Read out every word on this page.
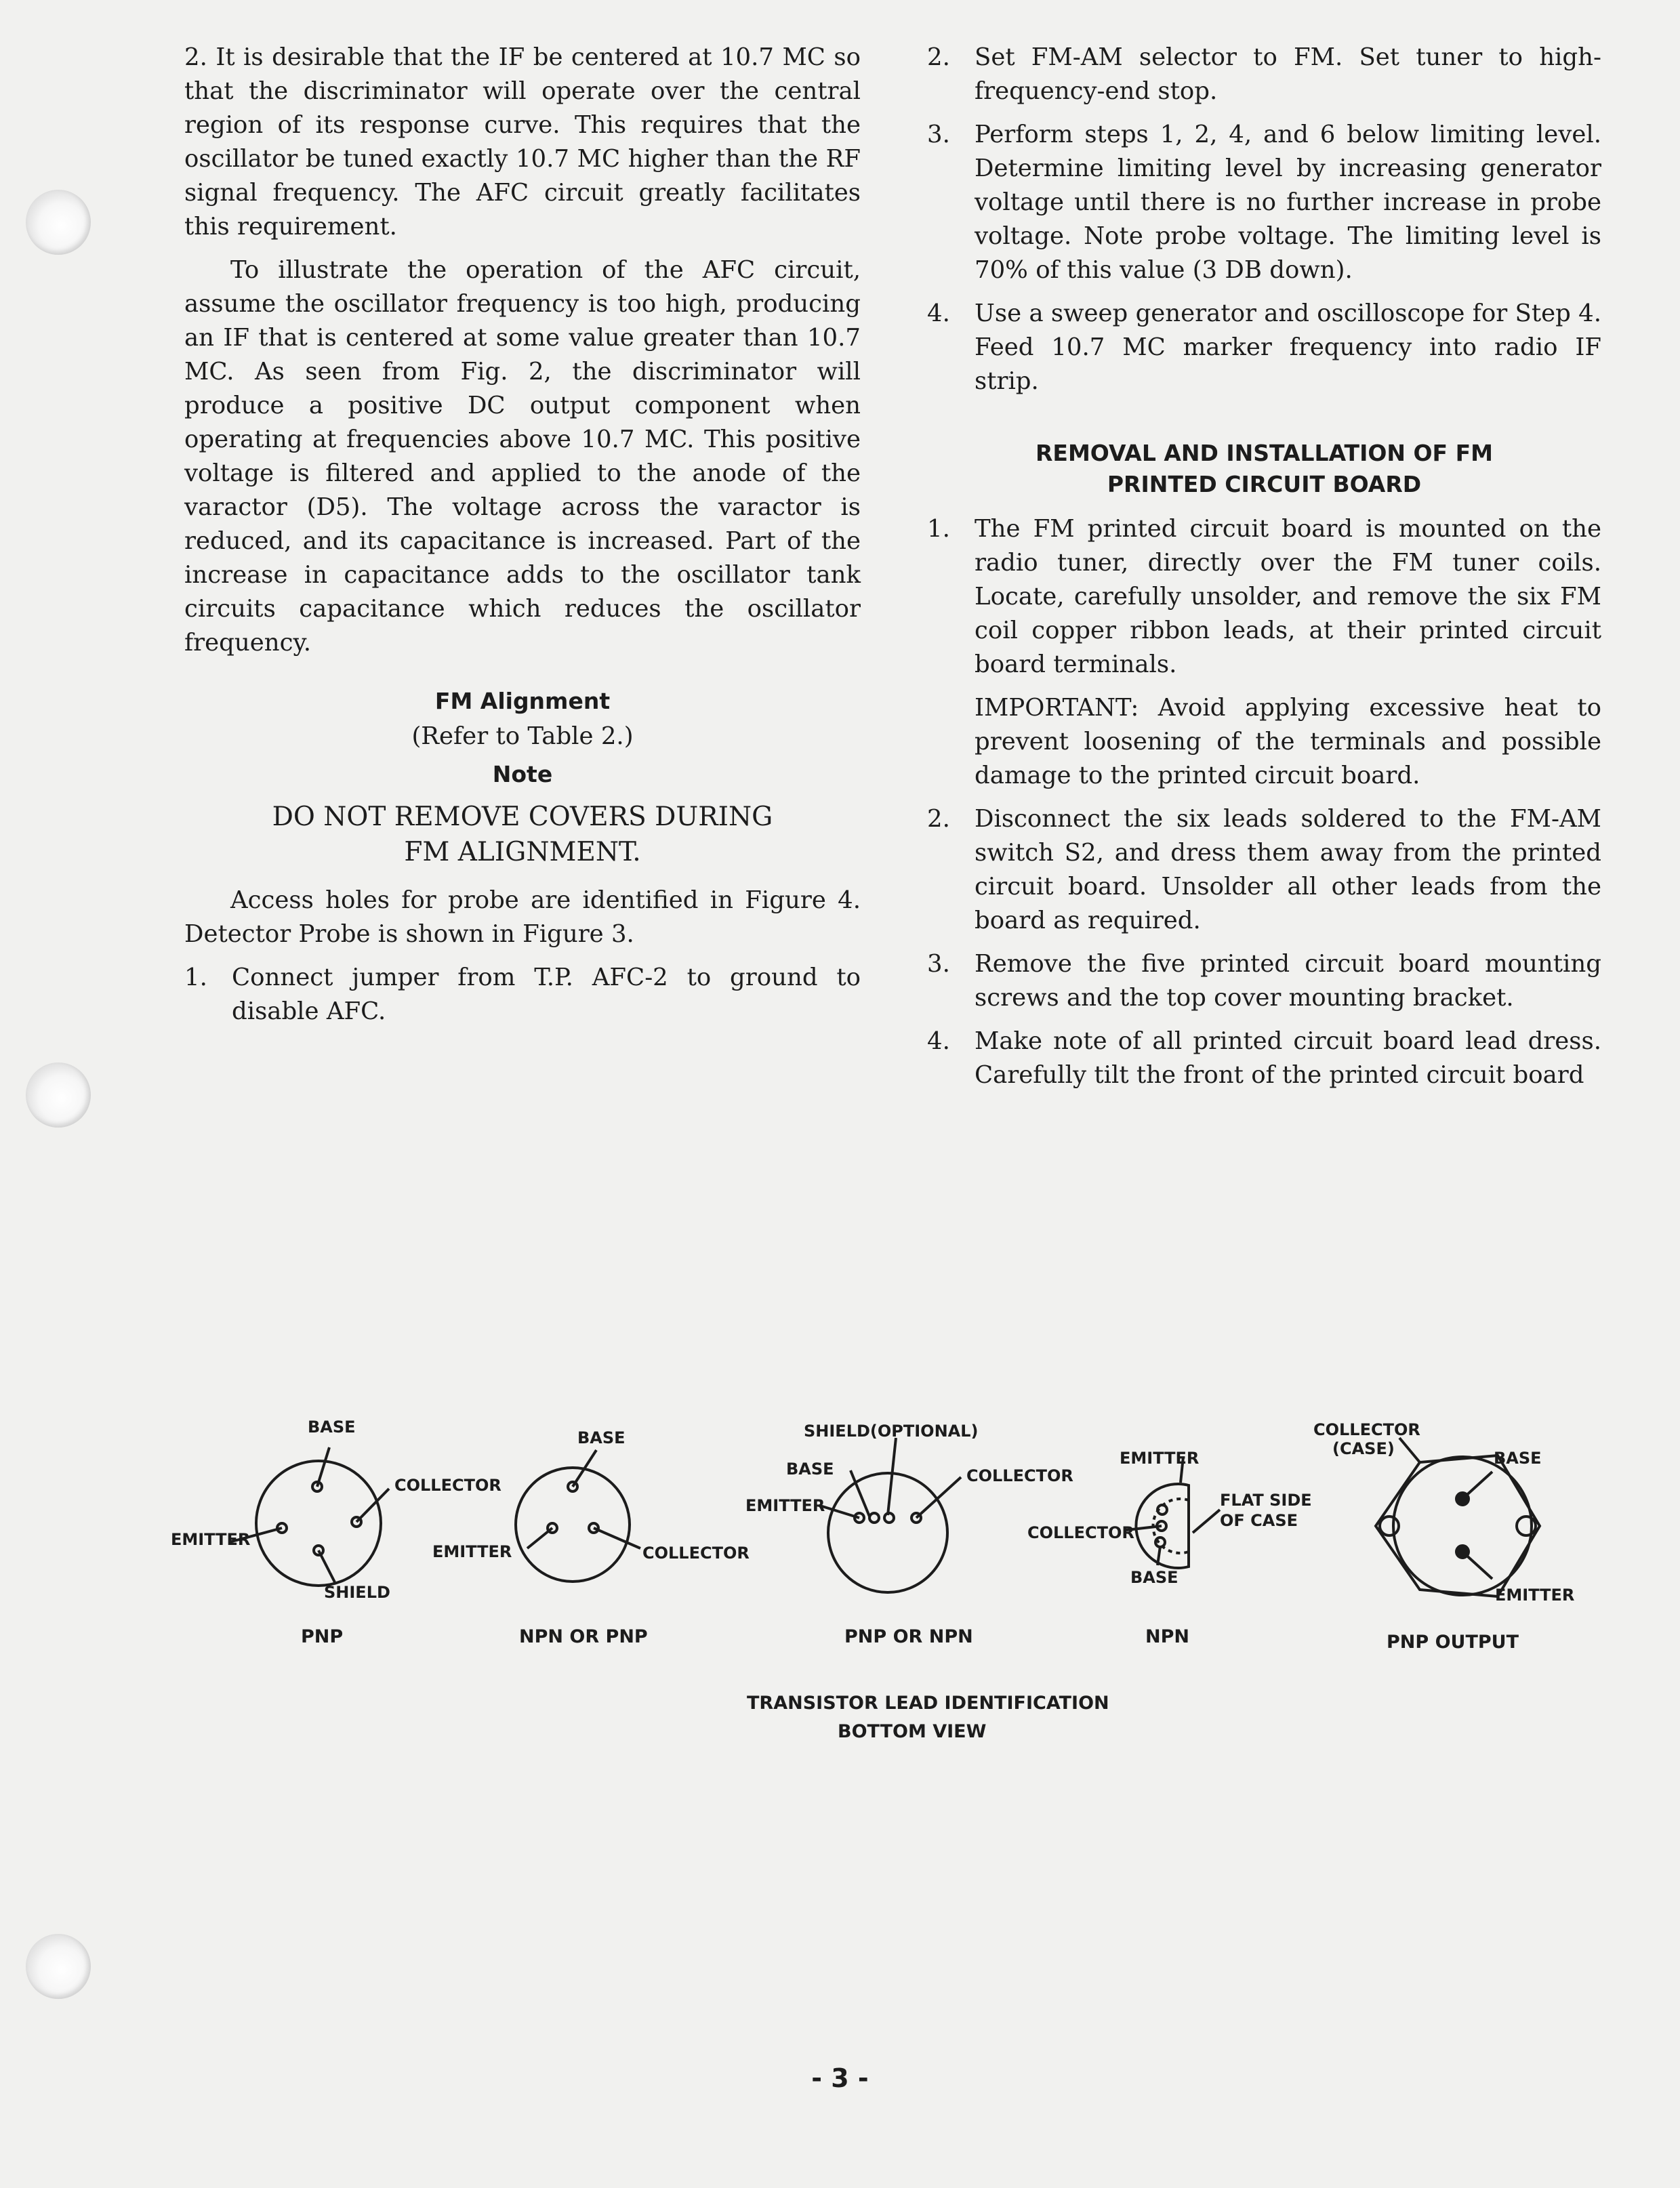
2. It is desirable that the IF be centered at 10.7 MC so that the discriminator will operate over the central region of its response curve. This requires that the oscillator be tuned exactly 10.7 MC higher than the RF signal frequency. The AFC circuit greatly facilitates this requirement.

To illustrate the operation of the AFC circuit, assume the oscillator frequency is too high, producing an IF that is centered at some value greater than 10.7 MC. As seen from Fig. 2, the discriminator will produce a positive DC output component when operating at frequencies above 10.7 MC. This positive voltage is filtered and applied to the anode of the varactor (D5). The voltage across the varactor is reduced, and its capacitance is increased. Part of the increase in capacitance adds to the oscillator tank circuits capacitance which reduces the oscillator frequency.

FM Alignment

(Refer to Table 2.)

Note

DO NOT REMOVE COVERS DURING
FM ALIGNMENT.

Access holes for probe are identified in Figure 4. Detector Probe is shown in Figure 3.

1.	Connect jumper from T.P. AFC-2 to ground to disable AFC.
2.	Set FM-AM selector to FM. Set tuner to high-frequency-end stop.
3.	Perform steps 1, 2, 4, and 6 below limiting level. Determine limiting level by increasing generator voltage until there is no further increase in probe voltage. Note probe voltage. The limiting level is 70% of this value (3 DB down).
4.	Use a sweep generator and oscilloscope for Step 4. Feed 10.7 MC marker frequency into radio IF strip.

REMOVAL AND INSTALLATION OF FM

PRINTED CIRCUIT BOARD

1.	The FM printed circuit board is mounted on the radio tuner, directly over the FM tuner coils. Locate, carefully unsolder, and remove the six FM coil copper ribbon leads, at their printed circuit board terminals.

IMPORTANT: Avoid applying excessive heat to prevent loosening of the terminals and possible damage to the printed circuit board.

2.	Disconnect the six leads soldered to the FM-AM switch S2, and dress them away from the printed circuit board. Unsolder all other leads from the board as required.
3.	Remove the five printed circuit board mounting screws and the top cover mounting bracket.
4.	Make note of all printed circuit board lead dress. Carefully tilt the front of the printed circuit board
BASE
COLLECTOR
EMITTER
SHIELD
PNP
BASE
EMITTER	COLLECTOR
NPN OR PNP
SHIELD(OPTIONAL)
BASE
EMITTER
COLLECTOR
PNP OR NPN
EMITTER
FLAT SIDE
OF CASE
COLLECTOR
BASE
NPN
COLLECTOR
(CASE)	BASE
EMITTER
PNP OUTPUT
TRANSISTOR LEAD IDENTIFICATION
BOTTOM VIEW
- 3 -
